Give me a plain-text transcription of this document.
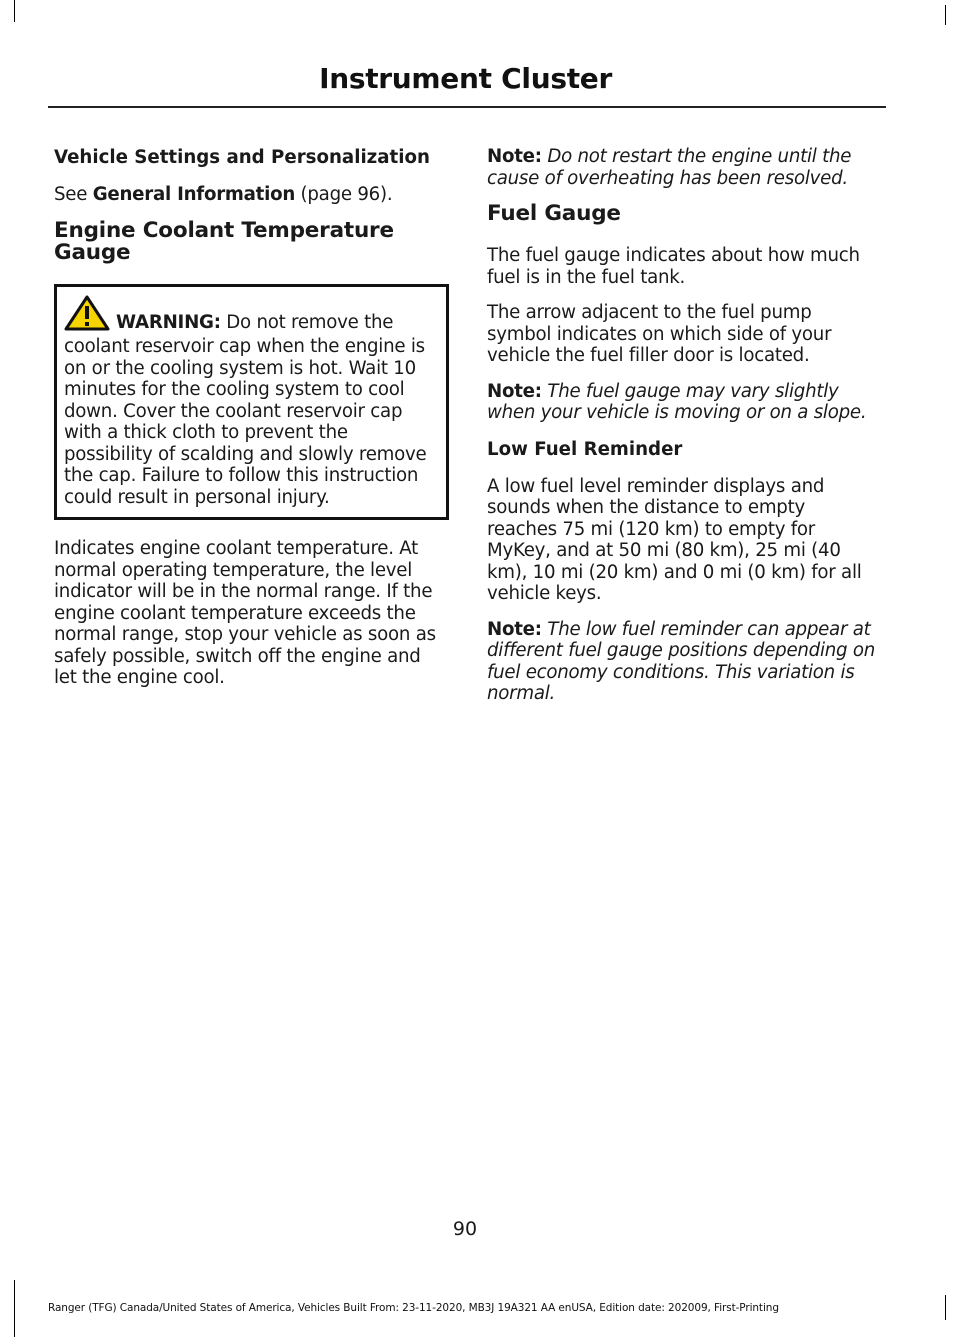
Instrument Cluster
Vehicle Settings and Personalization

See General Information (page 96).

Engine Coolant Temperature Gauge

WARNING: Do not remove the coolant reservoir cap when the engine is on or the cooling system is hot. Wait 10 minutes for the cooling system to cool down. Cover the coolant reservoir cap with a thick cloth to prevent the possibility of scalding and slowly remove the cap. Failure to follow this instruction could result in personal injury.

Indicates engine coolant temperature. At normal operating temperature, the level indicator will be in the normal range. If the engine coolant temperature exceeds the normal range, stop your vehicle as soon as safely possible, switch off the engine and let the engine cool.

Note: Do not restart the engine until the cause of overheating has been resolved.

Fuel Gauge

The fuel gauge indicates about how much fuel is in the fuel tank.

The arrow adjacent to the fuel pump symbol indicates on which side of your vehicle the fuel filler door is located.

Note: The fuel gauge may vary slightly when your vehicle is moving or on a slope.

Low Fuel Reminder

A low fuel level reminder displays and sounds when the distance to empty reaches 75 mi (120 km) to empty for MyKey, and at 50 mi (80 km), 25 mi (40 km), 10 mi (20 km) and 0 mi (0 km) for all vehicle keys.

Note: The low fuel reminder can appear at different fuel gauge positions depending on fuel economy conditions. This variation is normal.

90
Ranger (TFG) Canada/United States of America, Vehicles Built From: 23-11-2020, MB3J 19A321 AA enUSA, Edition date: 202009, First-Printing
